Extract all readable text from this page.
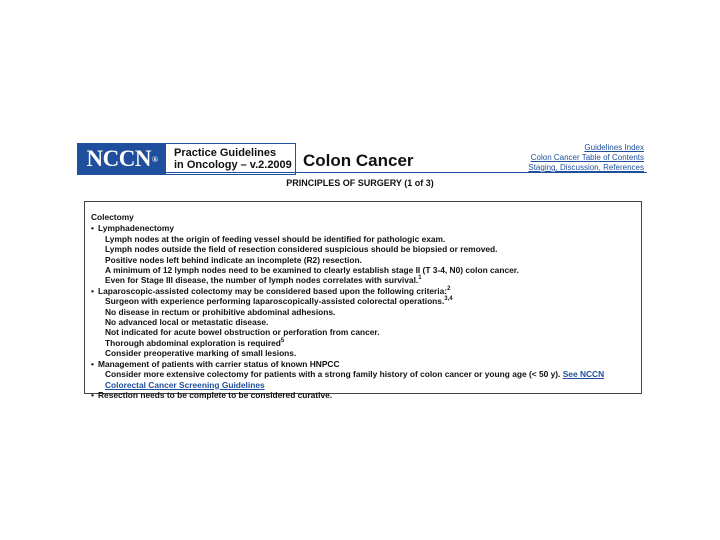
NCCN ® Practice Guidelines
in Oncology – v.2.2009 Colon Cancer
Guidelines Index
Colon Cancer Table of Contents
Staging, Discussion, References
PRINCIPLES OF SURGERY (1 of 3)
Colectomy
• Lymphadenectomy
Lymph nodes at the origin of feeding vessel should be identified for pathologic exam.
Lymph nodes outside the field of resection considered suspicious should be biopsied or removed.
Positive nodes left behind indicate an incomplete (R2) resection.
A minimum of 12 lymph nodes need to be examined to clearly establish stage II (T 3-4, N0) colon cancer.
Even for Stage III disease, the number of lymph nodes correlates with survival.$^1$
• Laparoscopic-assisted colectomy may be considered based upon the following criteria:$^2$
Surgeon with experience performing laparoscopically-assisted colorectal operations.$^{3,4}$
No disease in rectum or prohibitive abdominal adhesions.
No advanced local or metastatic disease.
Not indicated for acute bowel obstruction or perforation from cancer.
Thorough abdominal exploration is required$^5$
Consider preoperative marking of small lesions.
• Management of patients with carrier status of known HNPCC
Consider more extensive colectomy for patients with a strong family history of colon cancer or young age (< 50 y). See NCCN
Colorectal Cancer Screening Guidelines
• Resection needs to be complete to be considered curative.
